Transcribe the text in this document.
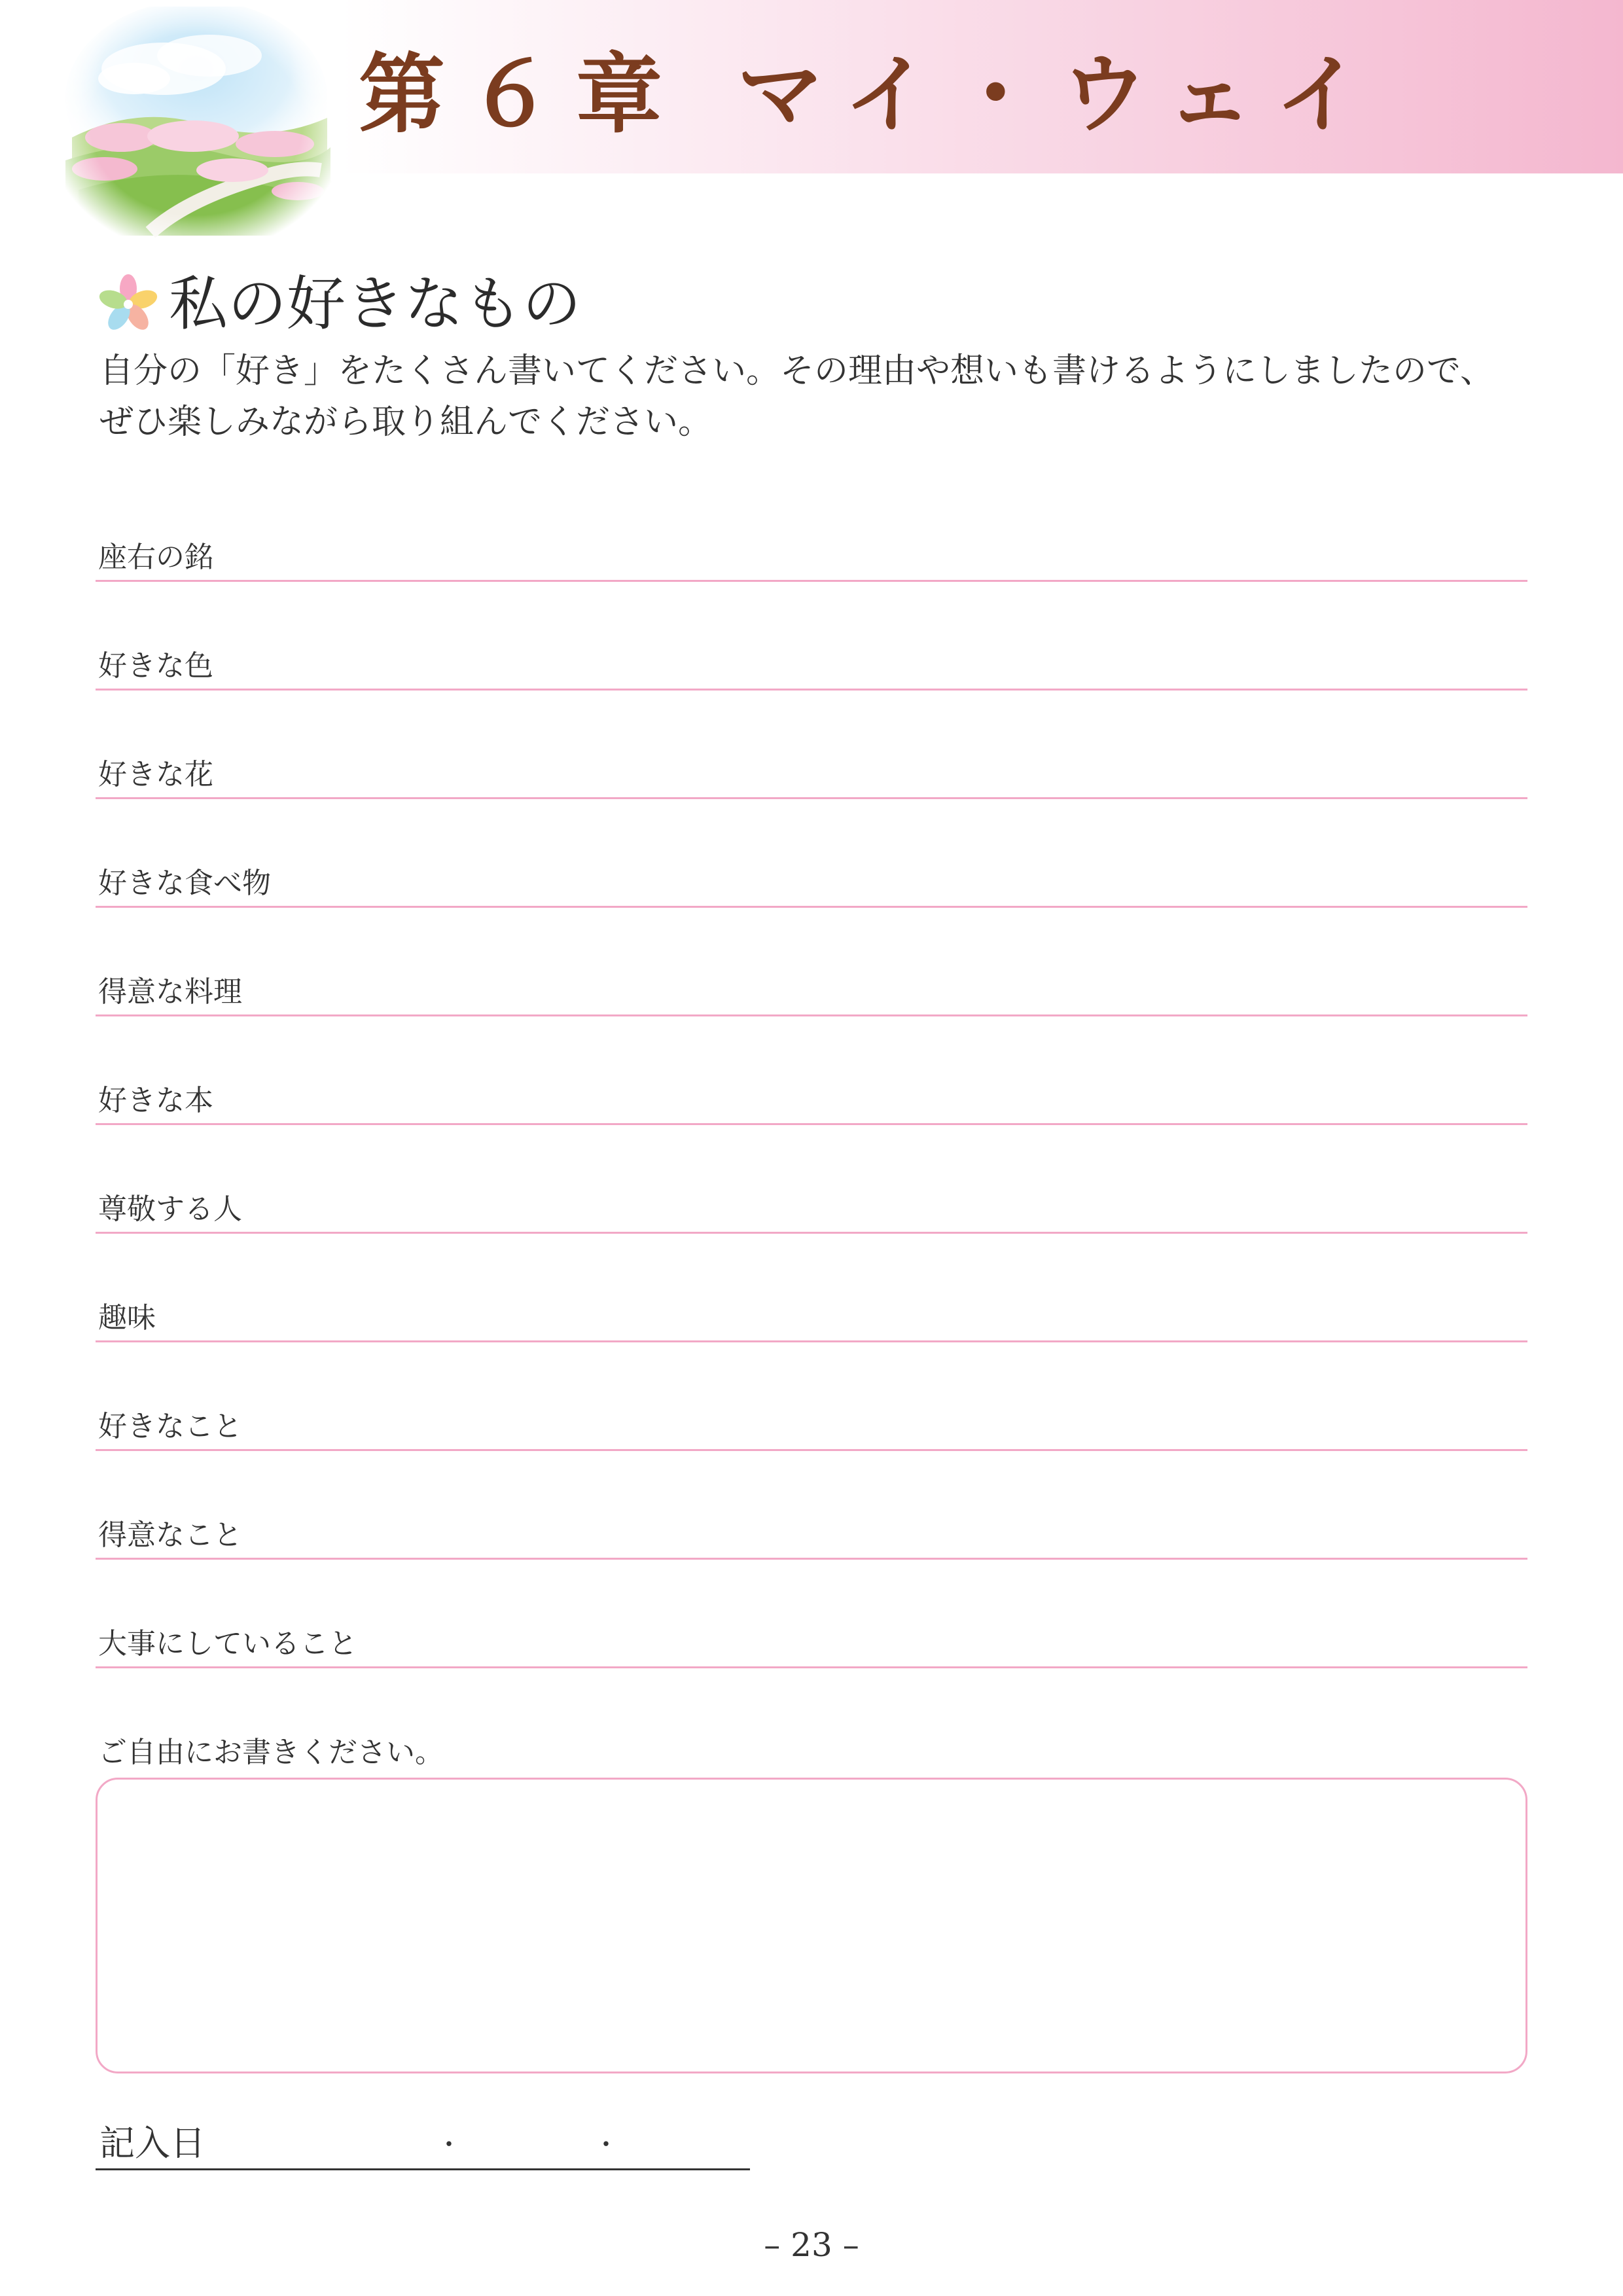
第６章 マイ・ウェイ
私の好きなもの
自分の「好き」をたくさん書いてください。その理由や想いも書けるようにしましたので、
ぜひ楽しみながら取り組んでください。
座右の銘
好きな色
好きな花
好きな食べ物
得意な料理
好きな本
尊敬する人
趣味
好きなこと
得意なこと
大事にしていること
ご自由にお書きください。
記入日	・	・
– 23 –
